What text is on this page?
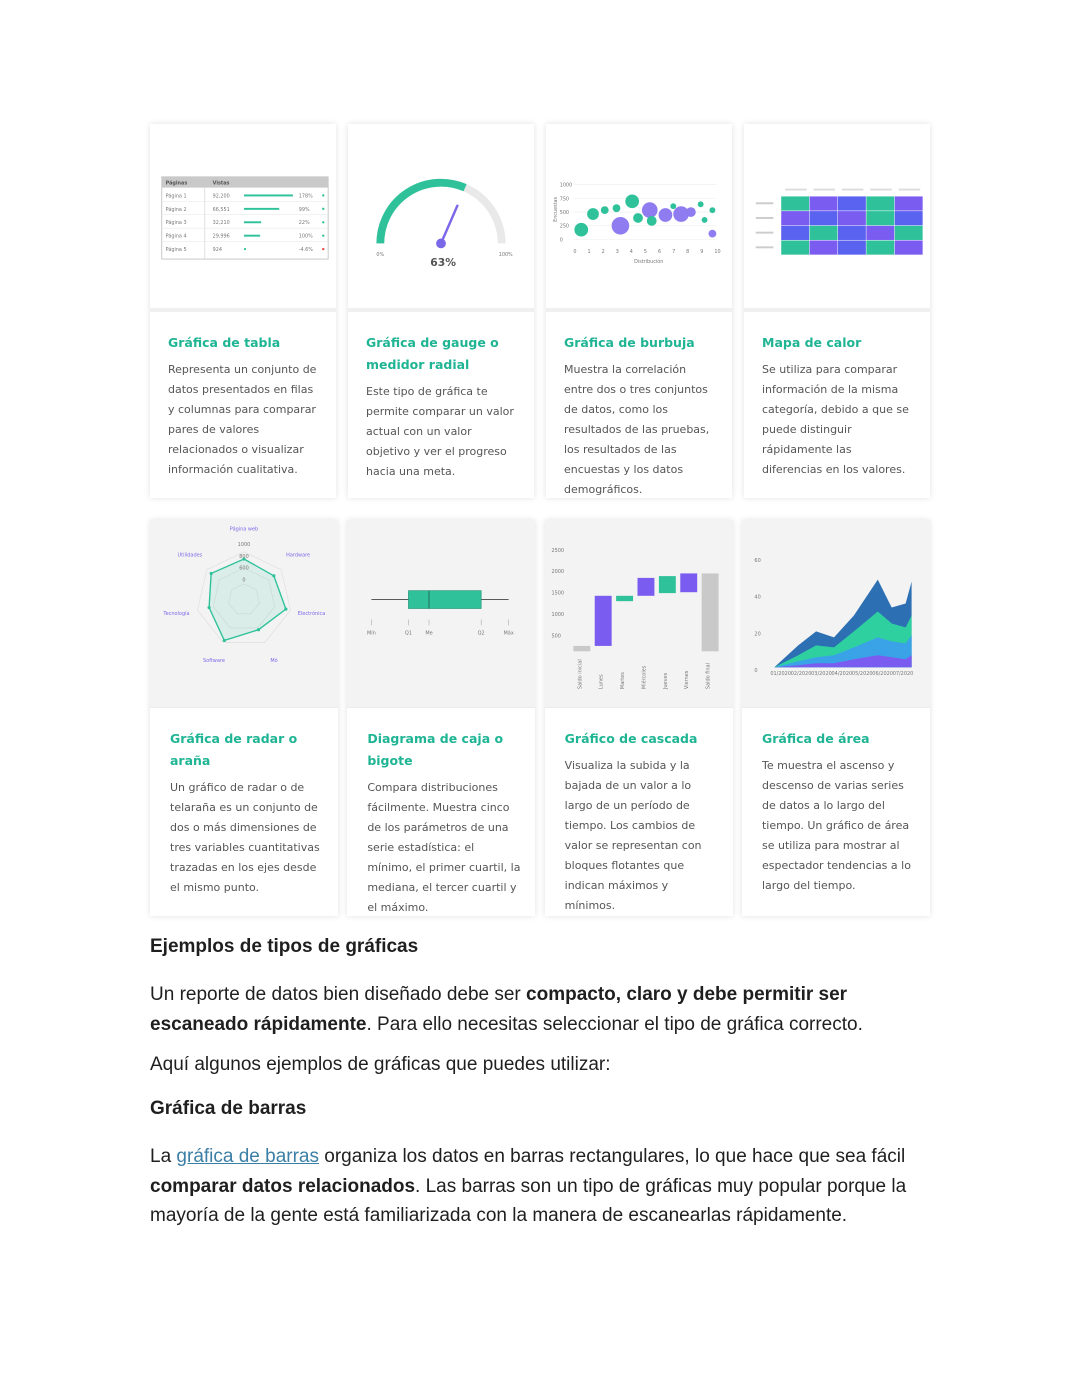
Páginas	Vistas
Página 1	92,200	178%
Página 2	66,551	99%
Página 3	32,210	22%
Página 4	29,996	100%
Página 5	924	-4.6%
Gráfica de tabla
Representa un conjunto de datos presentados en filas y columnas para comparar pares de valores relacionados o visualizar información cualitativa.
0%	100%
63%
Gráfica de gauge o medidor radial
Este tipo de gráfica te permite comparar un valor actual con un valor objetivo y ver el progreso hacia una meta.
1000
750
500
250
0
0 1 2 3 4 5 6 7 8 9 10
Encuestas
Distribución
Gráfica de burbuja
Muestra la correlación entre dos o tres conjuntos de datos, como los resultados de las pruebas, los resultados de las encuestas y los datos demográficos.
Mapa de calor
Se utiliza para comparar información de la misma categoría, debido a que se puede distinguir rápidamente las diferencias en los valores.
Página web
Hardware
Electrónica
Mó
Software
Tecnología
Utilidades
1000
800
600
0
Gráfica de radar o araña
Un gráfico de radar o de telaraña es un conjunto de dos o más dimensiones de tres variables cuantitativas trazadas en los ejes desde el mismo punto.
Mín	Q1	Me	Q2	Máx
Diagrama de caja o bigote
Compara distribuciones fácilmente. Muestra cinco de los parámetros de una serie estadística: el mínimo, el primer cuartil, la mediana, el tercer cuartil y el máximo.
2500
2000
1500
1000
500
Saldo inicial	Lunes	Martes	Miércoles	Jueves	Viernes	Saldo final
Gráfico de cascada
Visualiza la subida y la bajada de un valor a lo largo de un período de tiempo. Los cambios de valor se representan con bloques flotantes que indican máximos y mínimos.
60
40
20
0	01/2020 02/2020 03/2020 04/2020 05/2020 06/2020 07/2020
Gráfica de área
Te muestra el ascenso y descenso de varias series de datos a lo largo del tiempo. Un gráfico de área se utiliza para mostrar al espectador tendencias a lo largo del tiempo.
Ejemplos de tipos de gráficas

Un reporte de datos bien diseñado debe ser compacto, claro y debe permitir ser escaneado rápidamente. Para ello necesitas seleccionar el tipo de gráfica correcto.

Aquí algunos ejemplos de gráficas que puedes utilizar:

Gráfica de barras

La gráfica de barras organiza los datos en barras rectangulares, lo que hace que sea fácil comparar datos relacionados. Las barras son un tipo de gráficas muy popular porque la mayoría de la gente está familiarizada con la manera de escanearlas rápidamente.
